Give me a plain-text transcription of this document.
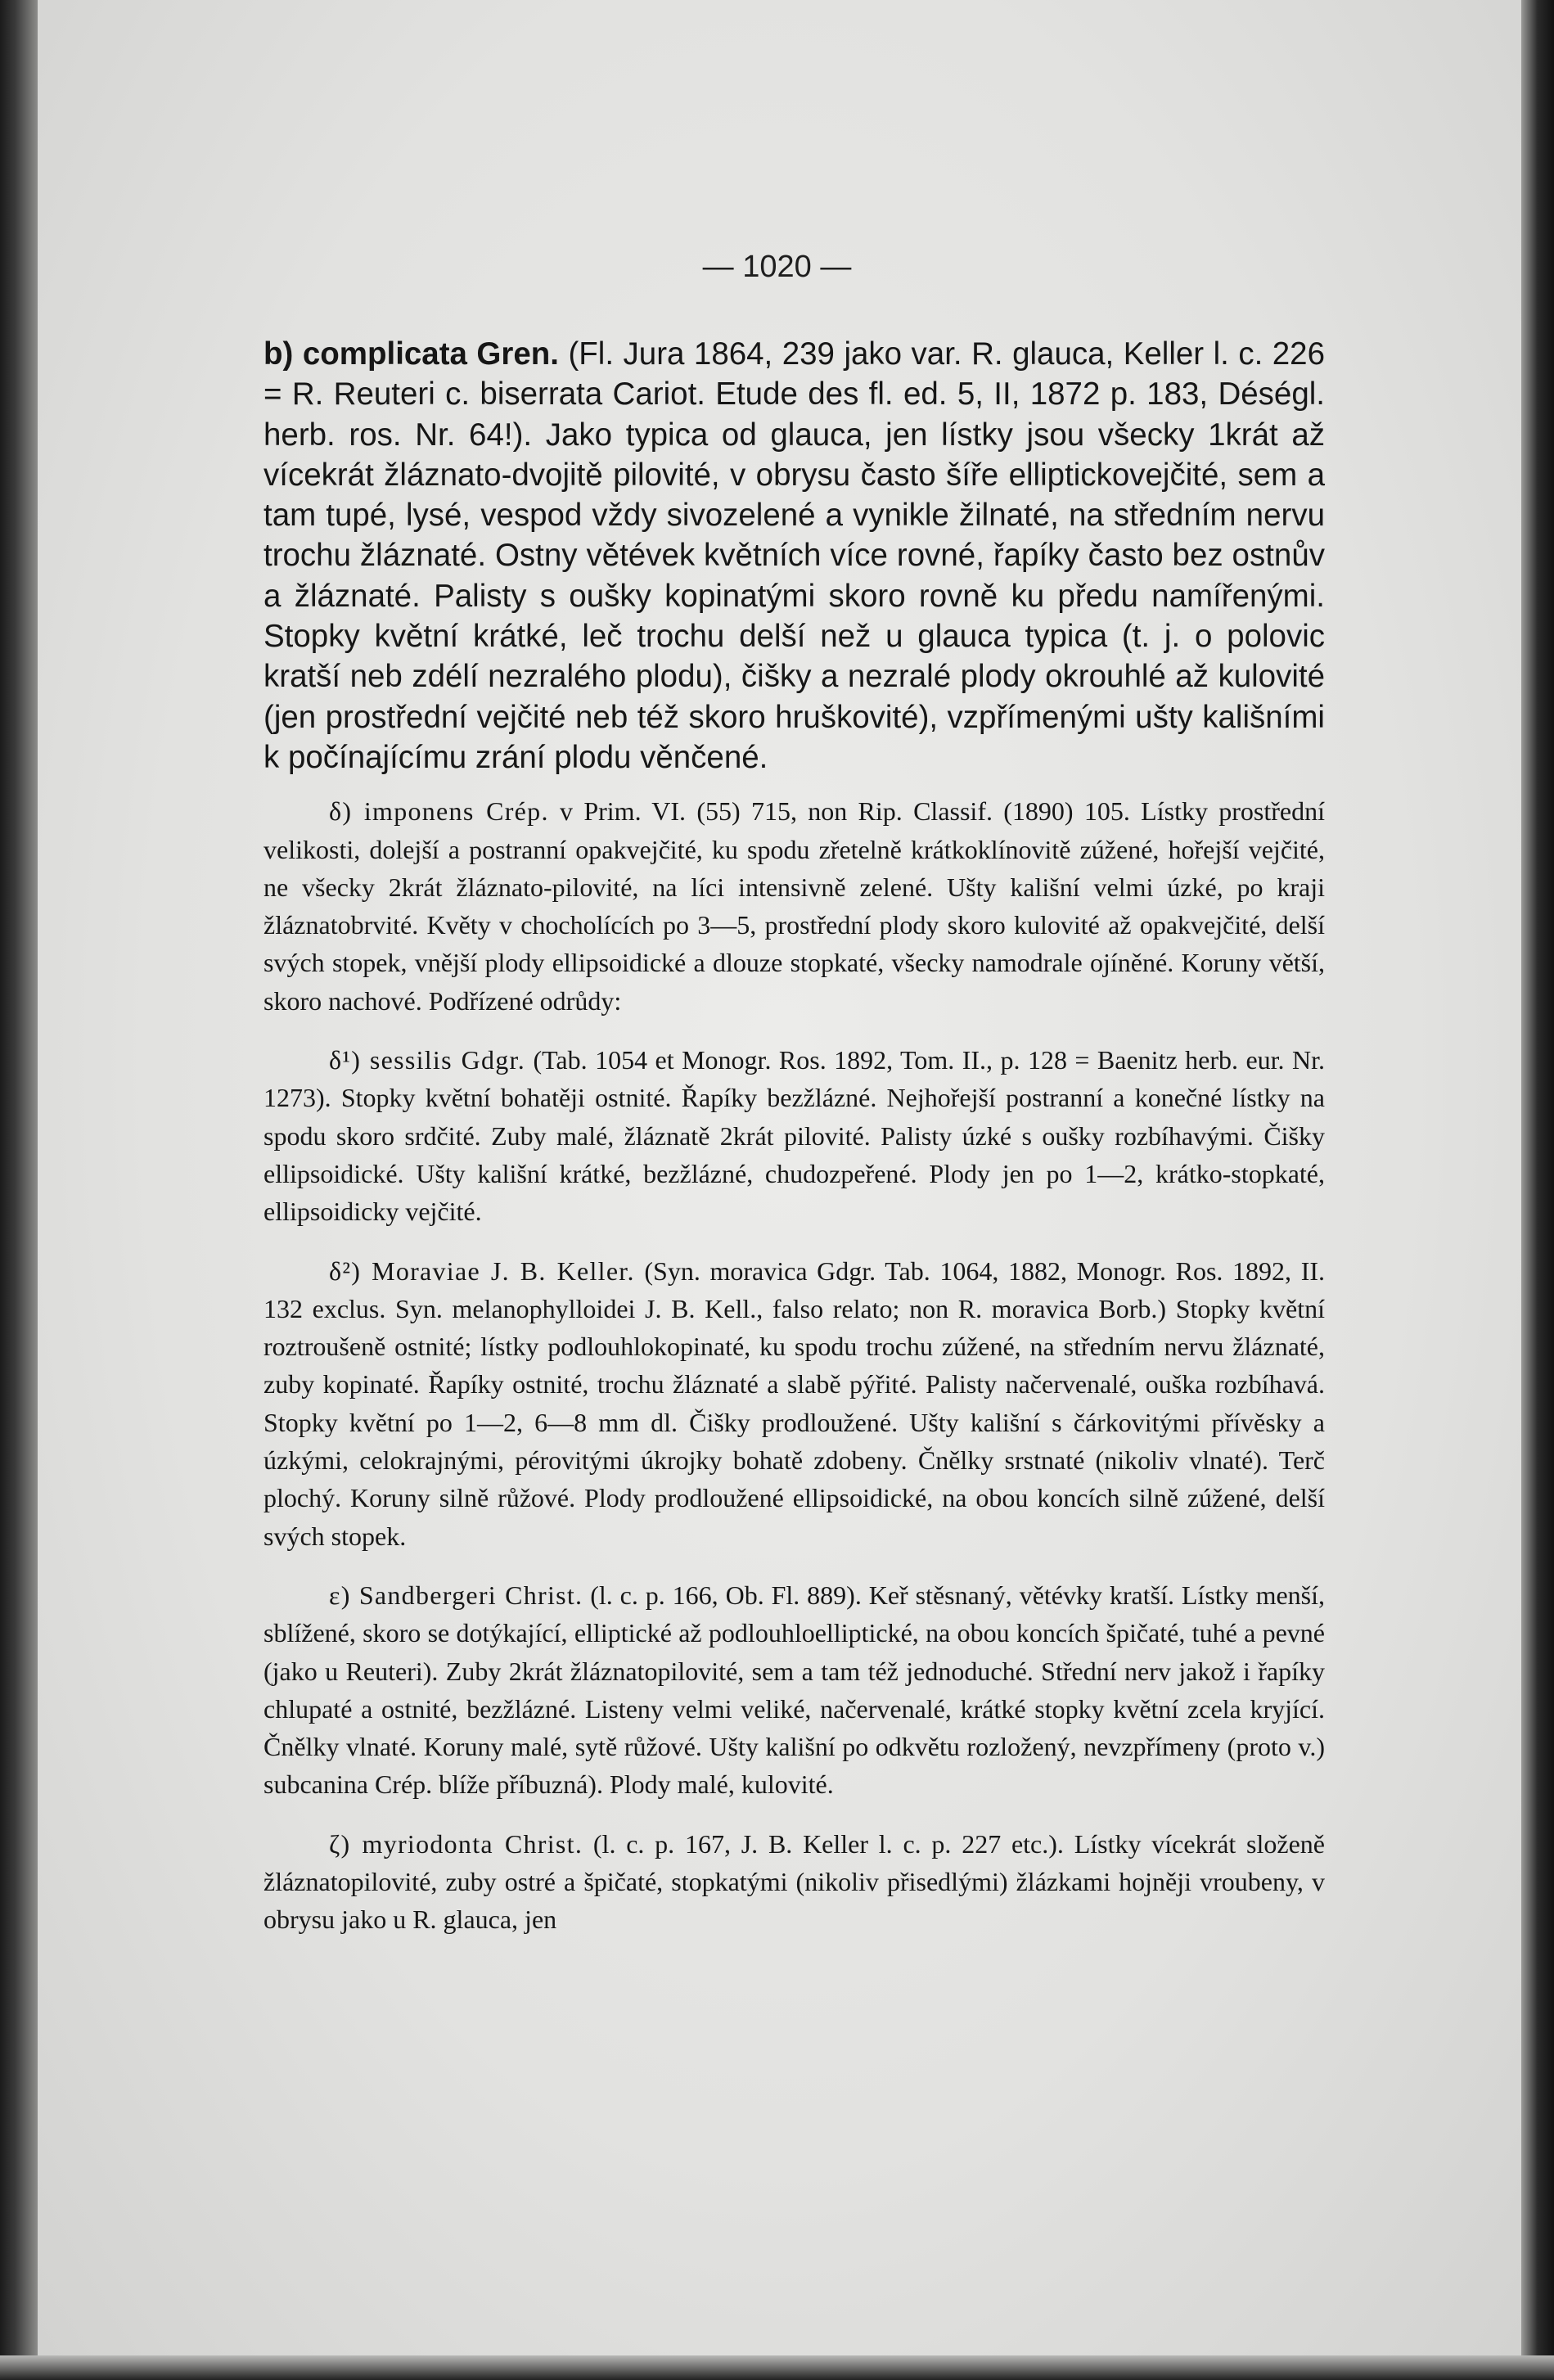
— 1020 —

b) complicata Gren. (Fl. Jura 1864, 239 jako var. R. glauca, Keller l. c. 226 = R. Reuteri c. biserrata Cariot. Etude des fl. ed. 5, II, 1872 p. 183, Déségl. herb. ros. Nr. 64!). Jako typica od glauca, jen lístky jsou všecky 1krát až vícekrát žláznato-dvojitě pilovité, v obrysu často šíře elliptickovejčité, sem a tam tupé, lysé, vespod vždy sivozelené a vynikle žilnaté, na středním nervu trochu žláznaté. Ostny větévek květních více rovné, řapíky často bez ostnův a žláznaté. Palisty s oušky kopinatými skoro rovně ku předu namířenými. Stopky květní krátké, leč trochu delší než u glauca typica (t. j. o polovic kratší neb zdélí nezralého plodu), čišky a nezralé plody okrouhlé až kulovité (jen prostřední vejčité neb též skoro hruškovité), vzpřímenými ušty kališními k počínajícímu zrání plodu věnčené.

δ) imponens Crép. v Prim. VI. (55) 715, non Rip. Classif. (1890) 105. Lístky prostřední velikosti, dolejší a postranní opakvejčité, ku spodu zřetelně krátkoklínovitě zúžené, hořejší vejčité, ne všecky 2krát žláznato-pilovité, na líci intensivně zelené. Ušty kališní velmi úzké, po kraji žláznatobrvité. Květy v chocholících po 3—5, prostřední plody skoro kulovité až opakvejčité, delší svých stopek, vnější plody ellipsoidické a dlouze stopkaté, všecky namodrale ojíněné. Koruny větší, skoro nachové. Podřízené odrůdy:

δ¹) sessilis Gdgr. (Tab. 1054 et Monogr. Ros. 1892, Tom. II., p. 128 = Baenitz herb. eur. Nr. 1273). Stopky květní bohatěji ostnité. Řapíky bezžlázné. Nejhořejší postranní a konečné lístky na spodu skoro srdčité. Zuby malé, žláznatě 2krát pilovité. Palisty úzké s oušky rozbíhavými. Čišky ellipsoidické. Ušty kališní krátké, bezžlázné, chudozpeřené. Plody jen po 1—2, krátko-stopkaté, ellipsoidicky vejčité.

δ²) Moraviae J. B. Keller. (Syn. moravica Gdgr. Tab. 1064, 1882, Monogr. Ros. 1892, II. 132 exclus. Syn. melanophylloidei J. B. Kell., falso relato; non R. moravica Borb.) Stopky květní roztroušeně ostnité; lístky podlouhlokopinaté, ku spodu trochu zúžené, na středním nervu žláznaté, zuby kopinaté. Řapíky ostnité, trochu žláznaté a slabě pýřité. Palisty načervenalé, ouška rozbíhavá. Stopky květní po 1—2, 6—8 mm dl. Čišky prodloužené. Ušty kališní s čárkovitými přívěsky a úzkými, celokrajnými, pérovitými úkrojky bohatě zdobeny. Čnělky srstnaté (nikoliv vlnaté). Terč plochý. Koruny silně růžové. Plody prodloužené ellipsoidické, na obou koncích silně zúžené, delší svých stopek.

ε) Sandbergeri Christ. (l. c. p. 166, Ob. Fl. 889). Keř stěsnaný, větévky kratší. Lístky menší, sblížené, skoro se dotýkající, elliptické až podlouhloelliptické, na obou koncích špičaté, tuhé a pevné (jako u Reuteri). Zuby 2krát žláznatopilovité, sem a tam též jednoduché. Střední nerv jakož i řapíky chlupaté a ostnité, bezžlázné. Listeny velmi veliké, načervenalé, krátké stopky květní zcela kryjící. Čnělky vlnaté. Koruny malé, sytě růžové. Ušty kališní po odkvětu rozložený, nevzpřímeny (proto v.) subcanina Crép. blíže příbuzná). Plody malé, kulovité.

ζ) myriodonta Christ. (l. c. p. 167, J. B. Keller l. c. p. 227 etc.). Lístky vícekrát složeně žláznatopilovité, zuby ostré a špičaté, stopkatými (nikoliv přisedlými) žlázkami hojněji vroubeny, v obrysu jako u R. glauca, jen
